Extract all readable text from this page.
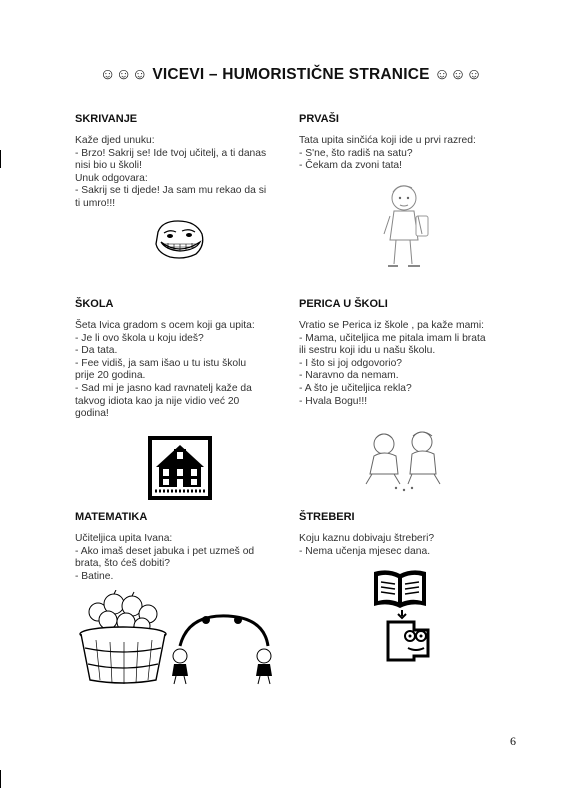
☺☺☺ VICEVI – HUMORISTIČNE STRANICE ☺☺☺
SKRIVANJE
Kaže djed unuku:
- Brzo! Sakrij se! Ide tvoj učitelj, a ti danas
nisi bio u školi!
Unuk odgovara:
- Sakrij se ti djede! Ja sam mu rekao da si
ti umro!!!
PRVAŠI
Tata upita sinčića koji ide u prvi razred:
- S'ne, što radiš na satu?
- Čekam da zvoni tata!
ŠKOLA
Šeta Ivica gradom s ocem koji ga upita:
- Je li ovo škola u koju ideš?
- Da tata.
- Fee vidiš, ja sam išao u tu istu školu
prije 20 godina.
- Sad mi je jasno kad ravnatelj kaže da
takvog idiota kao ja nije vidio već 20
godina!
PERICA U ŠKOLI
Vratio se Perica iz škole , pa kaže mami:
- Mama, učiteljica me pitala imam li brata
ili sestru koji idu u našu školu.
- I što si joj odgovorio?
- Naravno da nemam.
- A što je učiteljica rekla?
- Hvala Bogu!!!
MATEMATIKA
Učiteljica upita Ivana:
- Ako imaš deset jabuka i pet uzmeš od
brata, što ćeš dobiti?
- Batine.
ŠTREBERI
Koju kaznu dobivaju štreberi?
- Nema učenja mjesec dana.
6
